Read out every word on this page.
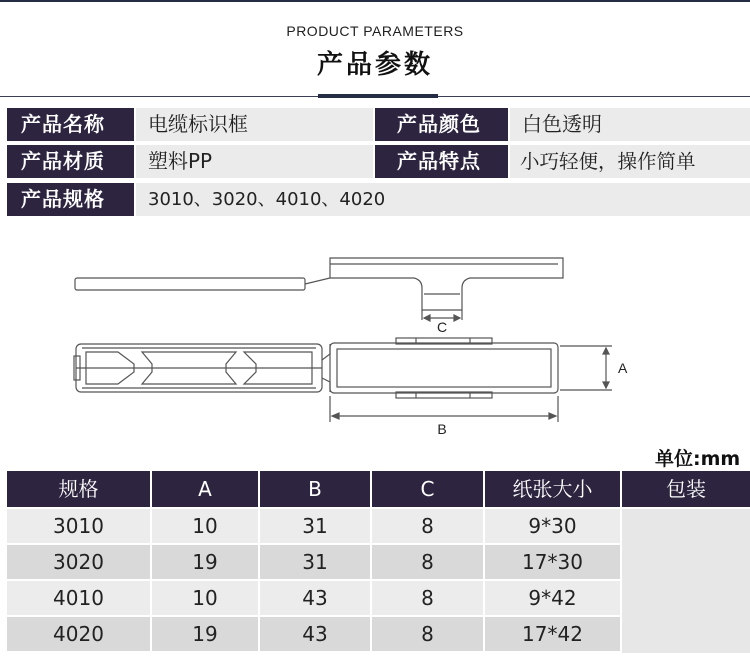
PRODUCT PARAMETERS
产品参数
产品名称	电缆标识框	产品颜色	白色透明
产品材质	塑料PP	产品特点	小巧轻便，操作简单
产品规格	3010、3020、4010、4020
C
A
B
单位:mm
规格	A	B	C	纸张大小	包装
3010	10	31	8	9*30
3020	19	31	8	17*30
4010	10	43	8	9*42
4020	19	43	8	17*42
